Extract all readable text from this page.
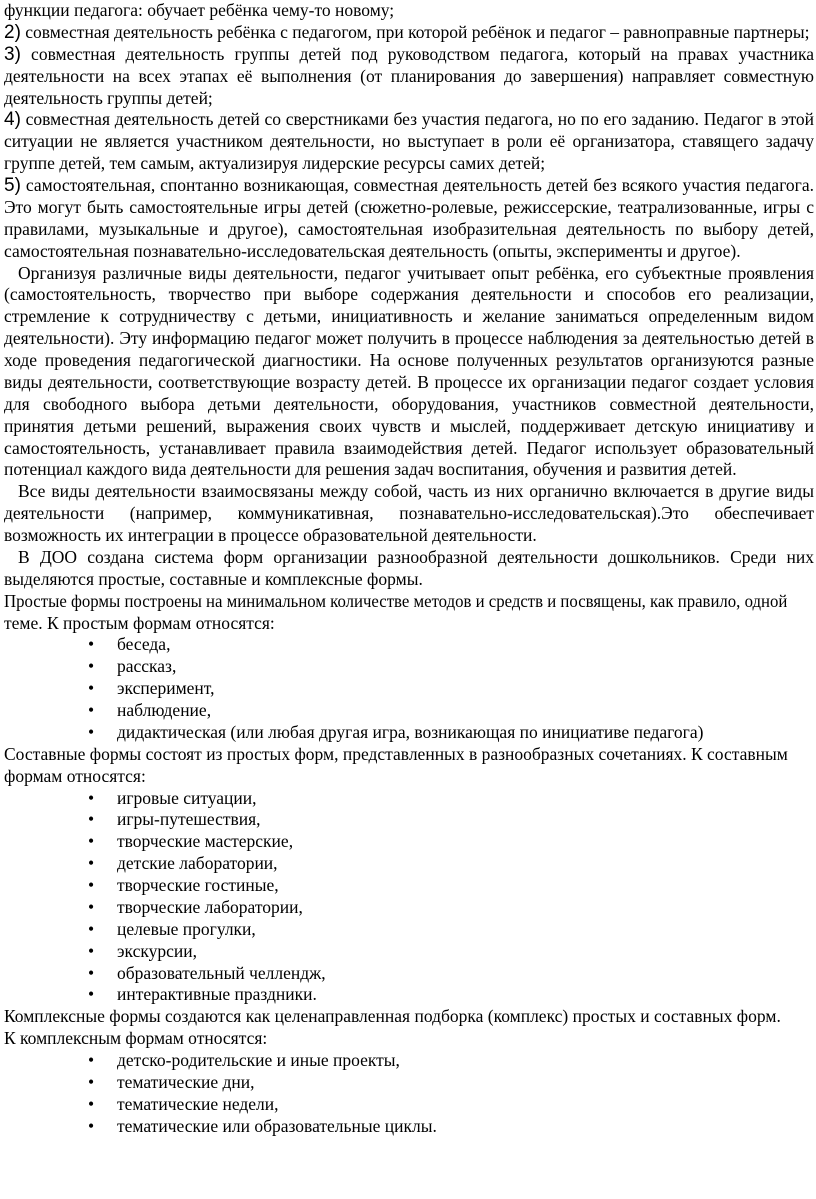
функции педагога: обучает ребёнка чему-то новому;

2) совместная деятельность ребёнка с педагогом, при которой ребёнок и педагог – равноправные партнеры;

3) совместная деятельность группы детей под руководством педагога, который на правах участника деятельности на всех этапах её выполнения (от планирования до завершения) направляет совместную деятельность группы детей;

4) совместная деятельность детей со сверстниками без участия педагога, но по его заданию. Педагог в этой ситуации не является участником деятельности, но выступает в роли её организатора, ставящего задачу группе детей, тем самым, актуализируя лидерские ресурсы самих детей;

5) самостоятельная, спонтанно возникающая, совместная деятельность детей без всякого участия педагога. Это могут быть самостоятельные игры детей (сюжетно-ролевые, режиссерские, театрализованные, игры с правилами, музыкальные и другое), самостоятельная изобразительная деятельность по выбору детей, самостоятельная познавательно-исследовательская деятельность (опыты, эксперименты и другое).

Организуя различные виды деятельности, педагог учитывает опыт ребёнка, его субъектные проявления (самостоятельность, творчество при выборе содержания деятельности и способов его реализации, стремление к сотрудничеству с детьми, инициативность и желание заниматься определенным видом деятельности). Эту информацию педагог может получить в процессе наблюдения за деятельностью детей в ходе проведения педагогической диагностики. На основе полученных результатов организуются разные виды деятельности, соответствующие возрасту детей. В процессе их организации педагог создает условия для свободного выбора детьми деятельности, оборудования, участников совместной деятельности, принятия детьми решений, выражения своих чувств и мыслей, поддерживает детскую инициативу и самостоятельность, устанавливает правила взаимодействия детей. Педагог использует образовательный потенциал каждого вида деятельности для решения задач воспитания, обучения и развития детей.

Все виды деятельности взаимосвязаны между собой, часть из них органично включается в другие виды деятельности (например, коммуникативная, познавательно-исследовательская).Это обеспечивает возможность их интеграции в процессе образовательной деятельности.

В ДОО создана система форм организации разнообразной деятельности дошкольников. Среди них выделяются простые, составные и комплексные формы.

Простые формы построены на минимальном количестве методов и средств и посвящены, как правило, одной

теме. К простым формам относятся:

• беседа,
• рассказ,
• эксперимент,
• наблюдение,
• дидактическая (или любая другая игра, возникающая по инициативе педагога)

Составные формы состоят из простых форм, представленных в разнообразных сочетаниях. К составным

формам относятся:

• игровые ситуации,
• игры-путешествия,
• творческие мастерские,
• детские лаборатории,
• творческие гостиные,
• творческие лаборатории,
• целевые прогулки,
• экскурсии,
• образовательный челлендж,
• интерактивные праздники.

Комплексные формы создаются как целенаправленная подборка (комплекс) простых и составных форм.

К комплексным формам относятся:

• детско-родительские и иные проекты,
• тематические дни,
• тематические недели,
• тематические или образовательные циклы.
